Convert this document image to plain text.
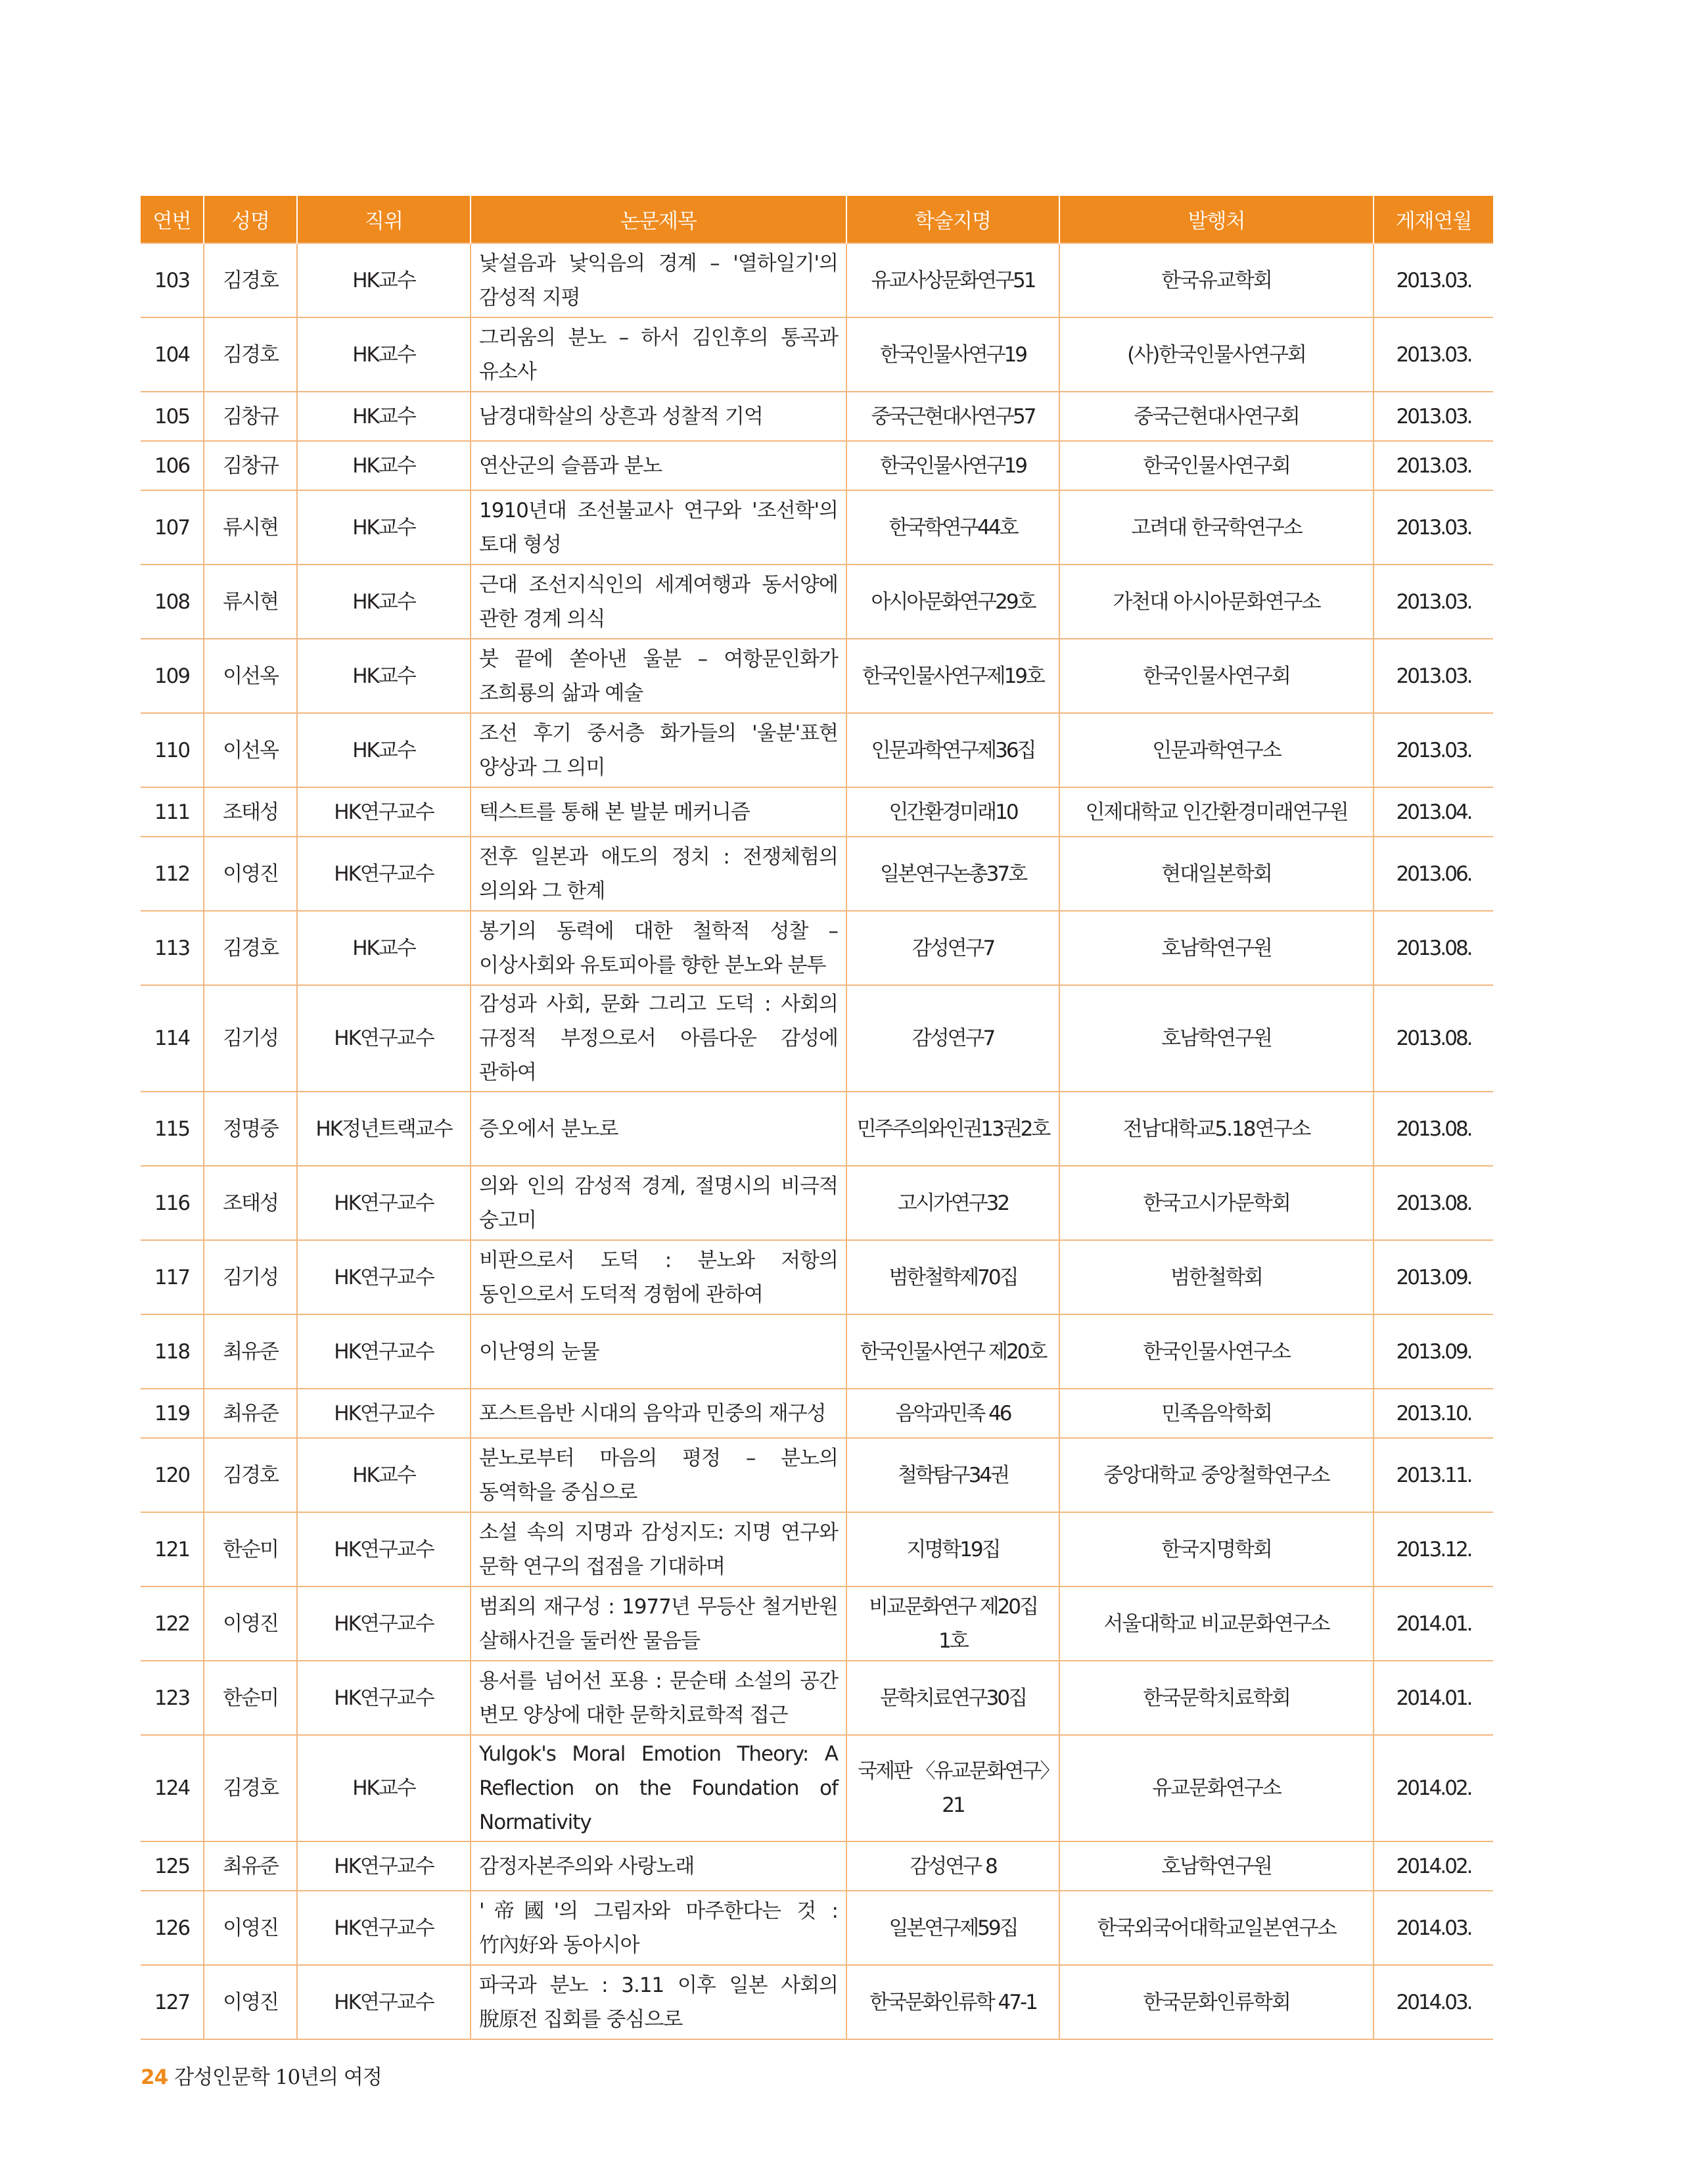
연번	성명	직위	논문제목	학술지명	발행처	게재연월
103	김경호	HK교수	낯설음과 낯익음의 경계 – '열하일기'의 감성적 지평	유교사상문화연구51	한국유교학회	2013.03.
104	김경호	HK교수	그리움의 분노 – 하서 김인후의 통곡과 유소사	한국인물사연구19	(사)한국인물사연구회	2013.03.
105	김창규	HK교수	남경대학살의 상흔과 성찰적 기억	중국근현대사연구57	중국근현대사연구회	2013.03.
106	김창규	HK교수	연산군의 슬픔과 분노	한국인물사연구19	한국인물사연구회	2013.03.
107	류시현	HK교수	1910년대 조선불교사 연구와 '조선학'의 토대 형성	한국학연구44호	고려대 한국학연구소	2013.03.
108	류시현	HK교수	근대 조선지식인의 세계여행과 동서양에 관한 경계 의식	아시아문화연구29호	가천대 아시아문화연구소	2013.03.
109	이선옥	HK교수	붓 끝에 쏟아낸 울분 – 여항문인화가 조희룡의 삶과 예술	한국인물사연구제19호	한국인물사연구회	2013.03.
110	이선옥	HK교수	조선 후기 중서층 화가들의 '울분'표현 양상과 그 의미	인문과학연구제36집	인문과학연구소	2013.03.
111	조태성	HK연구교수	텍스트를 통해 본 발분 메커니즘	인간환경미래10	인제대학교 인간환경미래연구원	2013.04.
112	이영진	HK연구교수	전후 일본과 애도의 정치 : 전쟁체험의 의의와 그 한계	일본연구논총37호	현대일본학회	2013.06.
113	김경호	HK교수	봉기의 동력에 대한 철학적 성찰 – 이상사회와 유토피아를 향한 분노와 분투	감성연구7	호남학연구원	2013.08.
114	김기성	HK연구교수	감성과 사회, 문화 그리고 도덕 : 사회의 규정적 부정으로서 아름다운 감성에 관하여	감성연구7	호남학연구원	2013.08.
115	정명중	HK정년트랙교수	증오에서 분노로	민주주의와인권13권2호	전남대학교5.18연구소	2013.08.
116	조태성	HK연구교수	의와 인의 감성적 경계, 절명시의 비극적 숭고미	고시가연구32	한국고시가문학회	2013.08.
117	김기성	HK연구교수	비판으로서 도덕 : 분노와 저항의 동인으로서 도덕적 경험에 관하여	범한철학제70집	범한철학회	2013.09.
118	최유준	HK연구교수	이난영의 눈물	한국인물사연구 제20호	한국인물사연구소	2013.09.
119	최유준	HK연구교수	포스트음반 시대의 음악과 민중의 재구성	음악과민족 46	민족음악학회	2013.10.
120	김경호	HK교수	분노로부터 마음의 평정 – 분노의 동역학을 중심으로	철학탐구34권	중앙대학교 중앙철학연구소	2013.11.
121	한순미	HK연구교수	소설 속의 지명과 감성지도: 지명 연구와 문학 연구의 접점을 기대하며	지명학19집	한국지명학회	2013.12.
122	이영진	HK연구교수	범죄의 재구성 : 1977년 무등산 철거반원 살해사건을 둘러싼 물음들	비교문화연구 제20집 1호	서울대학교 비교문화연구소	2014.01.
123	한순미	HK연구교수	용서를 넘어선 포용 : 문순태 소설의 공간 변모 양상에 대한 문학치료학적 접근	문학치료연구30집	한국문학치료학회	2014.01.
124	김경호	HK교수	Yulgok's Moral Emotion Theory: A Reflection on the Foundation of Normativity	국제판 〈유교문화연구〉21	유교문화연구소	2014.02.
125	최유준	HK연구교수	감정자본주의와 사랑노래	감성연구 8	호남학연구원	2014.02.
126	이영진	HK연구교수	'帝國'의 그림자와 마주한다는 것 : 竹內好와 동아시아	일본연구제59집	한국외국어대학교일본연구소	2014.03.
127	이영진	HK연구교수	파국과 분노 : 3.11 이후 일본 사회의 脫原전 집회를 중심으로	한국문화인류학 47-1	한국문화인류학회	2014.03.
24 감성인문학 10년의 여정
